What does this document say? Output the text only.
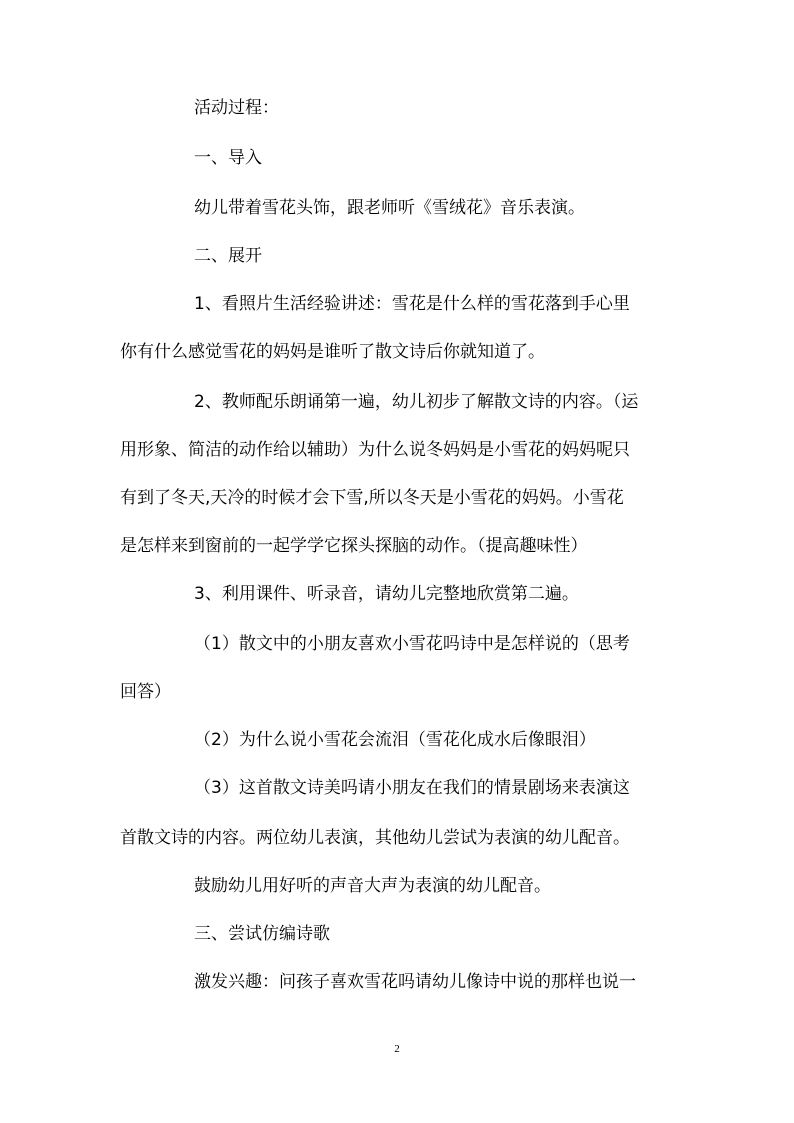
活动过程：
一、导入
幼儿带着雪花头饰，跟老师听《雪绒花》音乐表演。
二、展开
1、看照片生活经验讲述：雪花是什么样的雪花落到手心里
你有什么感觉雪花的妈妈是谁听了散文诗后你就知道了。
2、教师配乐朗诵第一遍，幼儿初步了解散文诗的内容。（运
用形象、简洁的动作给以辅助）为什么说冬妈妈是小雪花的妈妈呢只
有到了冬天,天冷的时候才会下雪,所以冬天是小雪花的妈妈。小雪花
是怎样来到窗前的一起学学它探头探脑的动作。（提高趣味性）
3、利用课件、听录音，请幼儿完整地欣赏第二遍。
（1）散文中的小朋友喜欢小雪花吗诗中是怎样说的（思考
回答）
（2）为什么说小雪花会流泪（雪花化成水后像眼泪）
（3）这首散文诗美吗请小朋友在我们的情景剧场来表演这
首散文诗的内容。两位幼儿表演，其他幼儿尝试为表演的幼儿配音。
鼓励幼儿用好听的声音大声为表演的幼儿配音。
三、尝试仿编诗歌
激发兴趣：问孩子喜欢雪花吗请幼儿像诗中说的那样也说一
2
